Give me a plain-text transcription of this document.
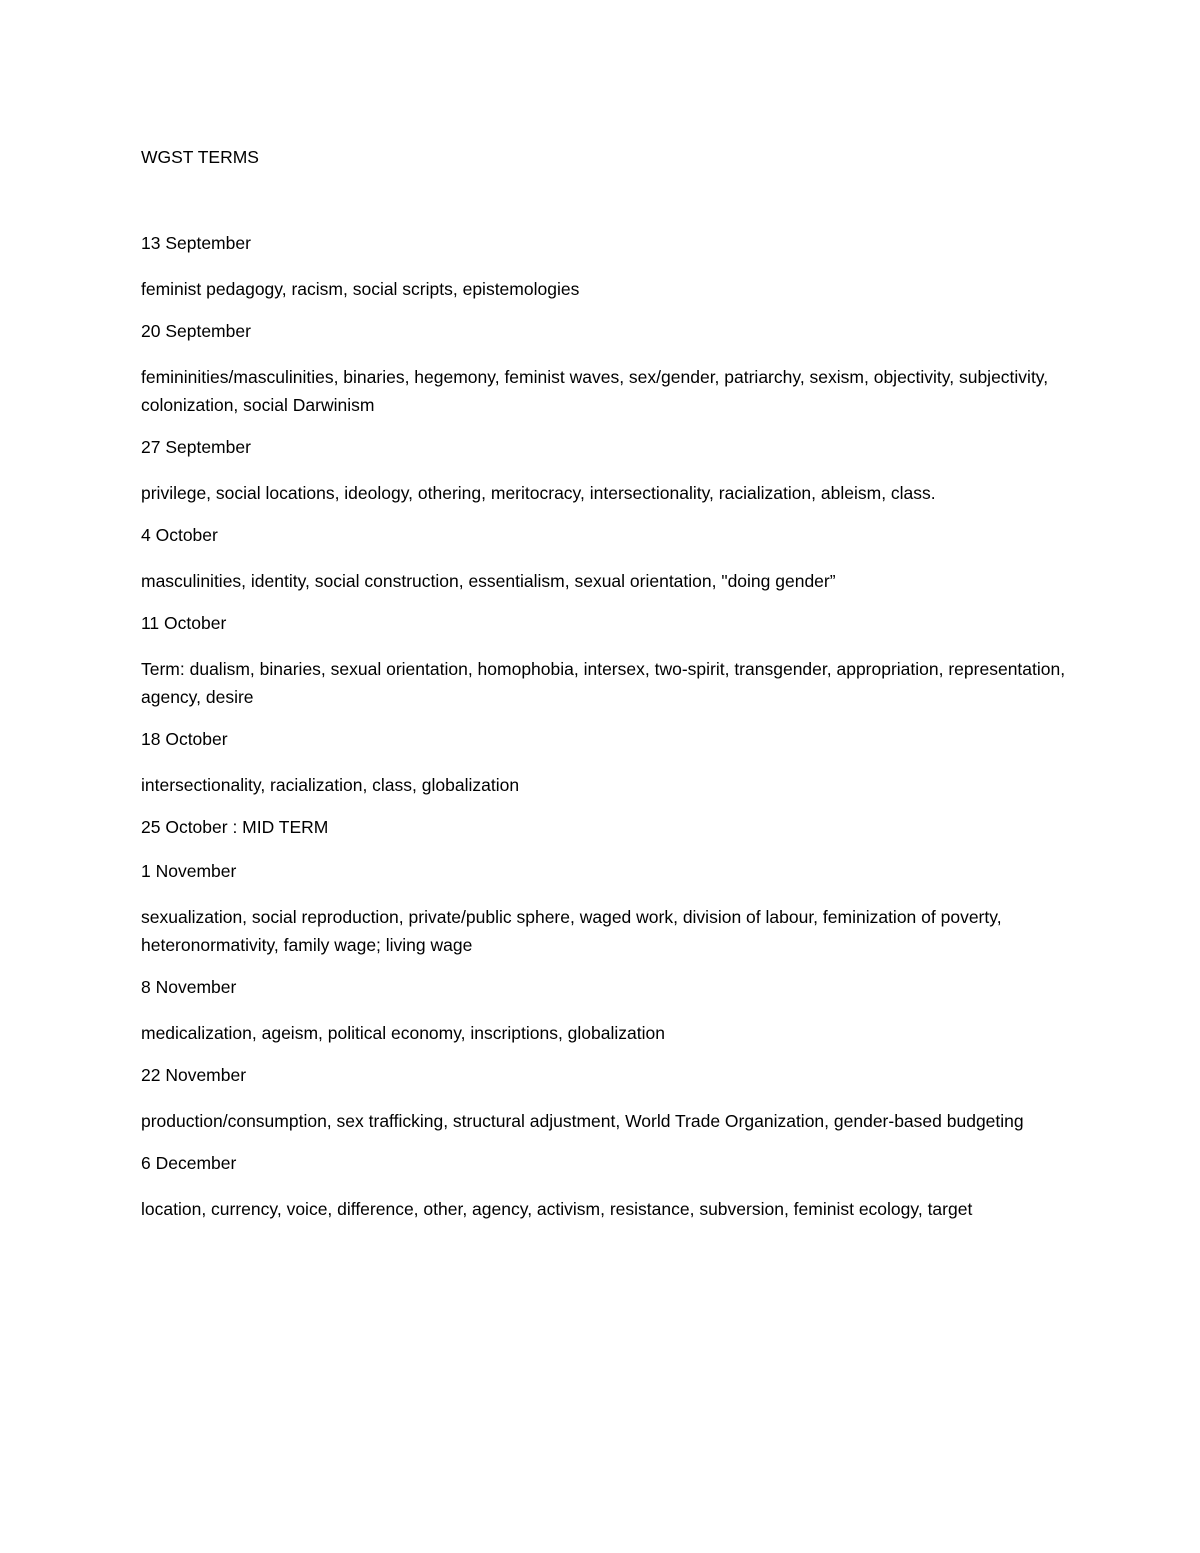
WGST TERMS

13 September

feminist pedagogy, racism, social scripts, epistemologies

20 September

femininities/masculinities, binaries, hegemony, feminist waves, sex/gender, patriarchy, sexism, objectivity, subjectivity, colonization, social Darwinism

27 September

privilege, social locations, ideology, othering, meritocracy, intersectionality, racialization, ableism, class.

4 October

masculinities, identity, social construction, essentialism, sexual orientation, "doing gender”

11 October

Term: dualism, binaries, sexual orientation, homophobia, intersex, two-spirit, transgender, appropriation, representation, agency, desire

18 October

intersectionality, racialization, class, globalization

25 October : MID TERM

1 November

sexualization, social reproduction, private/public sphere, waged work, division of labour, feminization of poverty, heteronormativity, family wage; living wage

8 November

medicalization, ageism, political economy, inscriptions, globalization

22 November

production/consumption, sex trafficking, structural adjustment, World Trade Organization, gender-based budgeting

6 December

location, currency, voice, difference, other, agency, activism, resistance, subversion, feminist ecology, target
